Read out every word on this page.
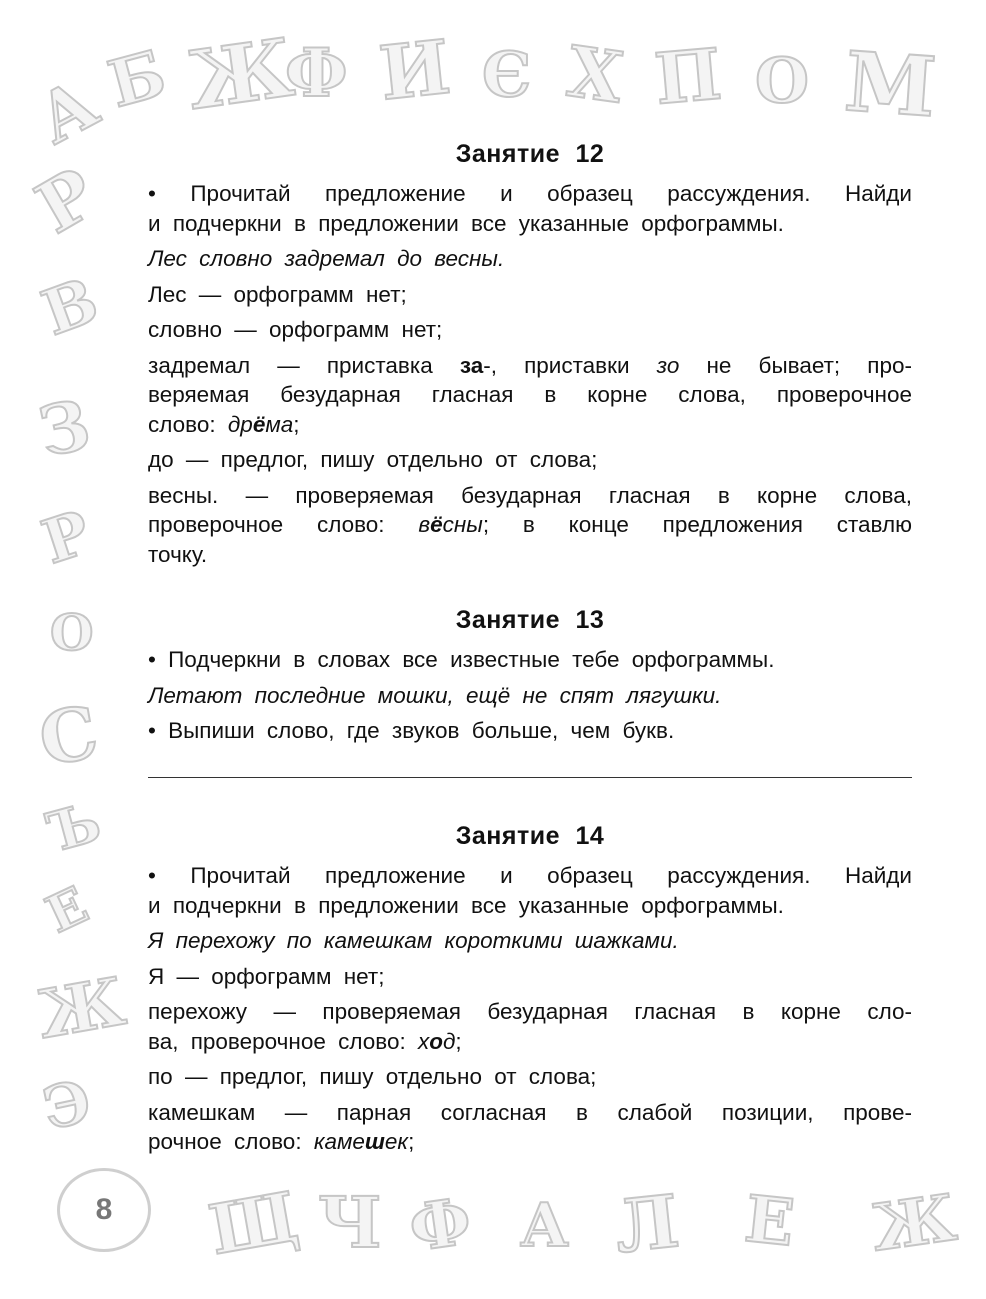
А
Б Ж
Ф И Є Х П О М
Р
В
З
Р
О
С
Ъ
Е
Ж
Э
Щ Ч Ф А Л Е Ж
8
Занятие 12

• Прочитай предложение и образец рассуждения. Найди

и подчеркни в предложении все указанные орфограммы.

Лес словно задремал до весны.

Лес — орфограмм нет;

словно — орфограмм нет;

задремал — приставка за-, приставки зо не бывает; про-

веряемая безударная гласная в корне слова, проверочное

слово: дрёма;

до — предлог, пишу отдельно от слова;

весны. — проверяемая безударная гласная в корне слова,

проверочное слово: вёсны; в конце предложения ставлю

точку.

Занятие 13

• Подчеркни в словах все известные тебе орфограммы.

Летают последние мошки, ещё не спят лягушки.

• Выпиши слово, где звуков больше, чем букв.

Занятие 14

• Прочитай предложение и образец рассуждения. Найди

и подчеркни в предложении все указанные орфограммы.

Я перехожу по камешкам короткими шажками.

Я — орфограмм нет;

перехожу — проверяемая безударная гласная в корне сло-

ва, проверочное слово: ход;

по — предлог, пишу отдельно от слова;

камешкам — парная согласная в слабой позиции, прове-

рочное слово: камешек;
